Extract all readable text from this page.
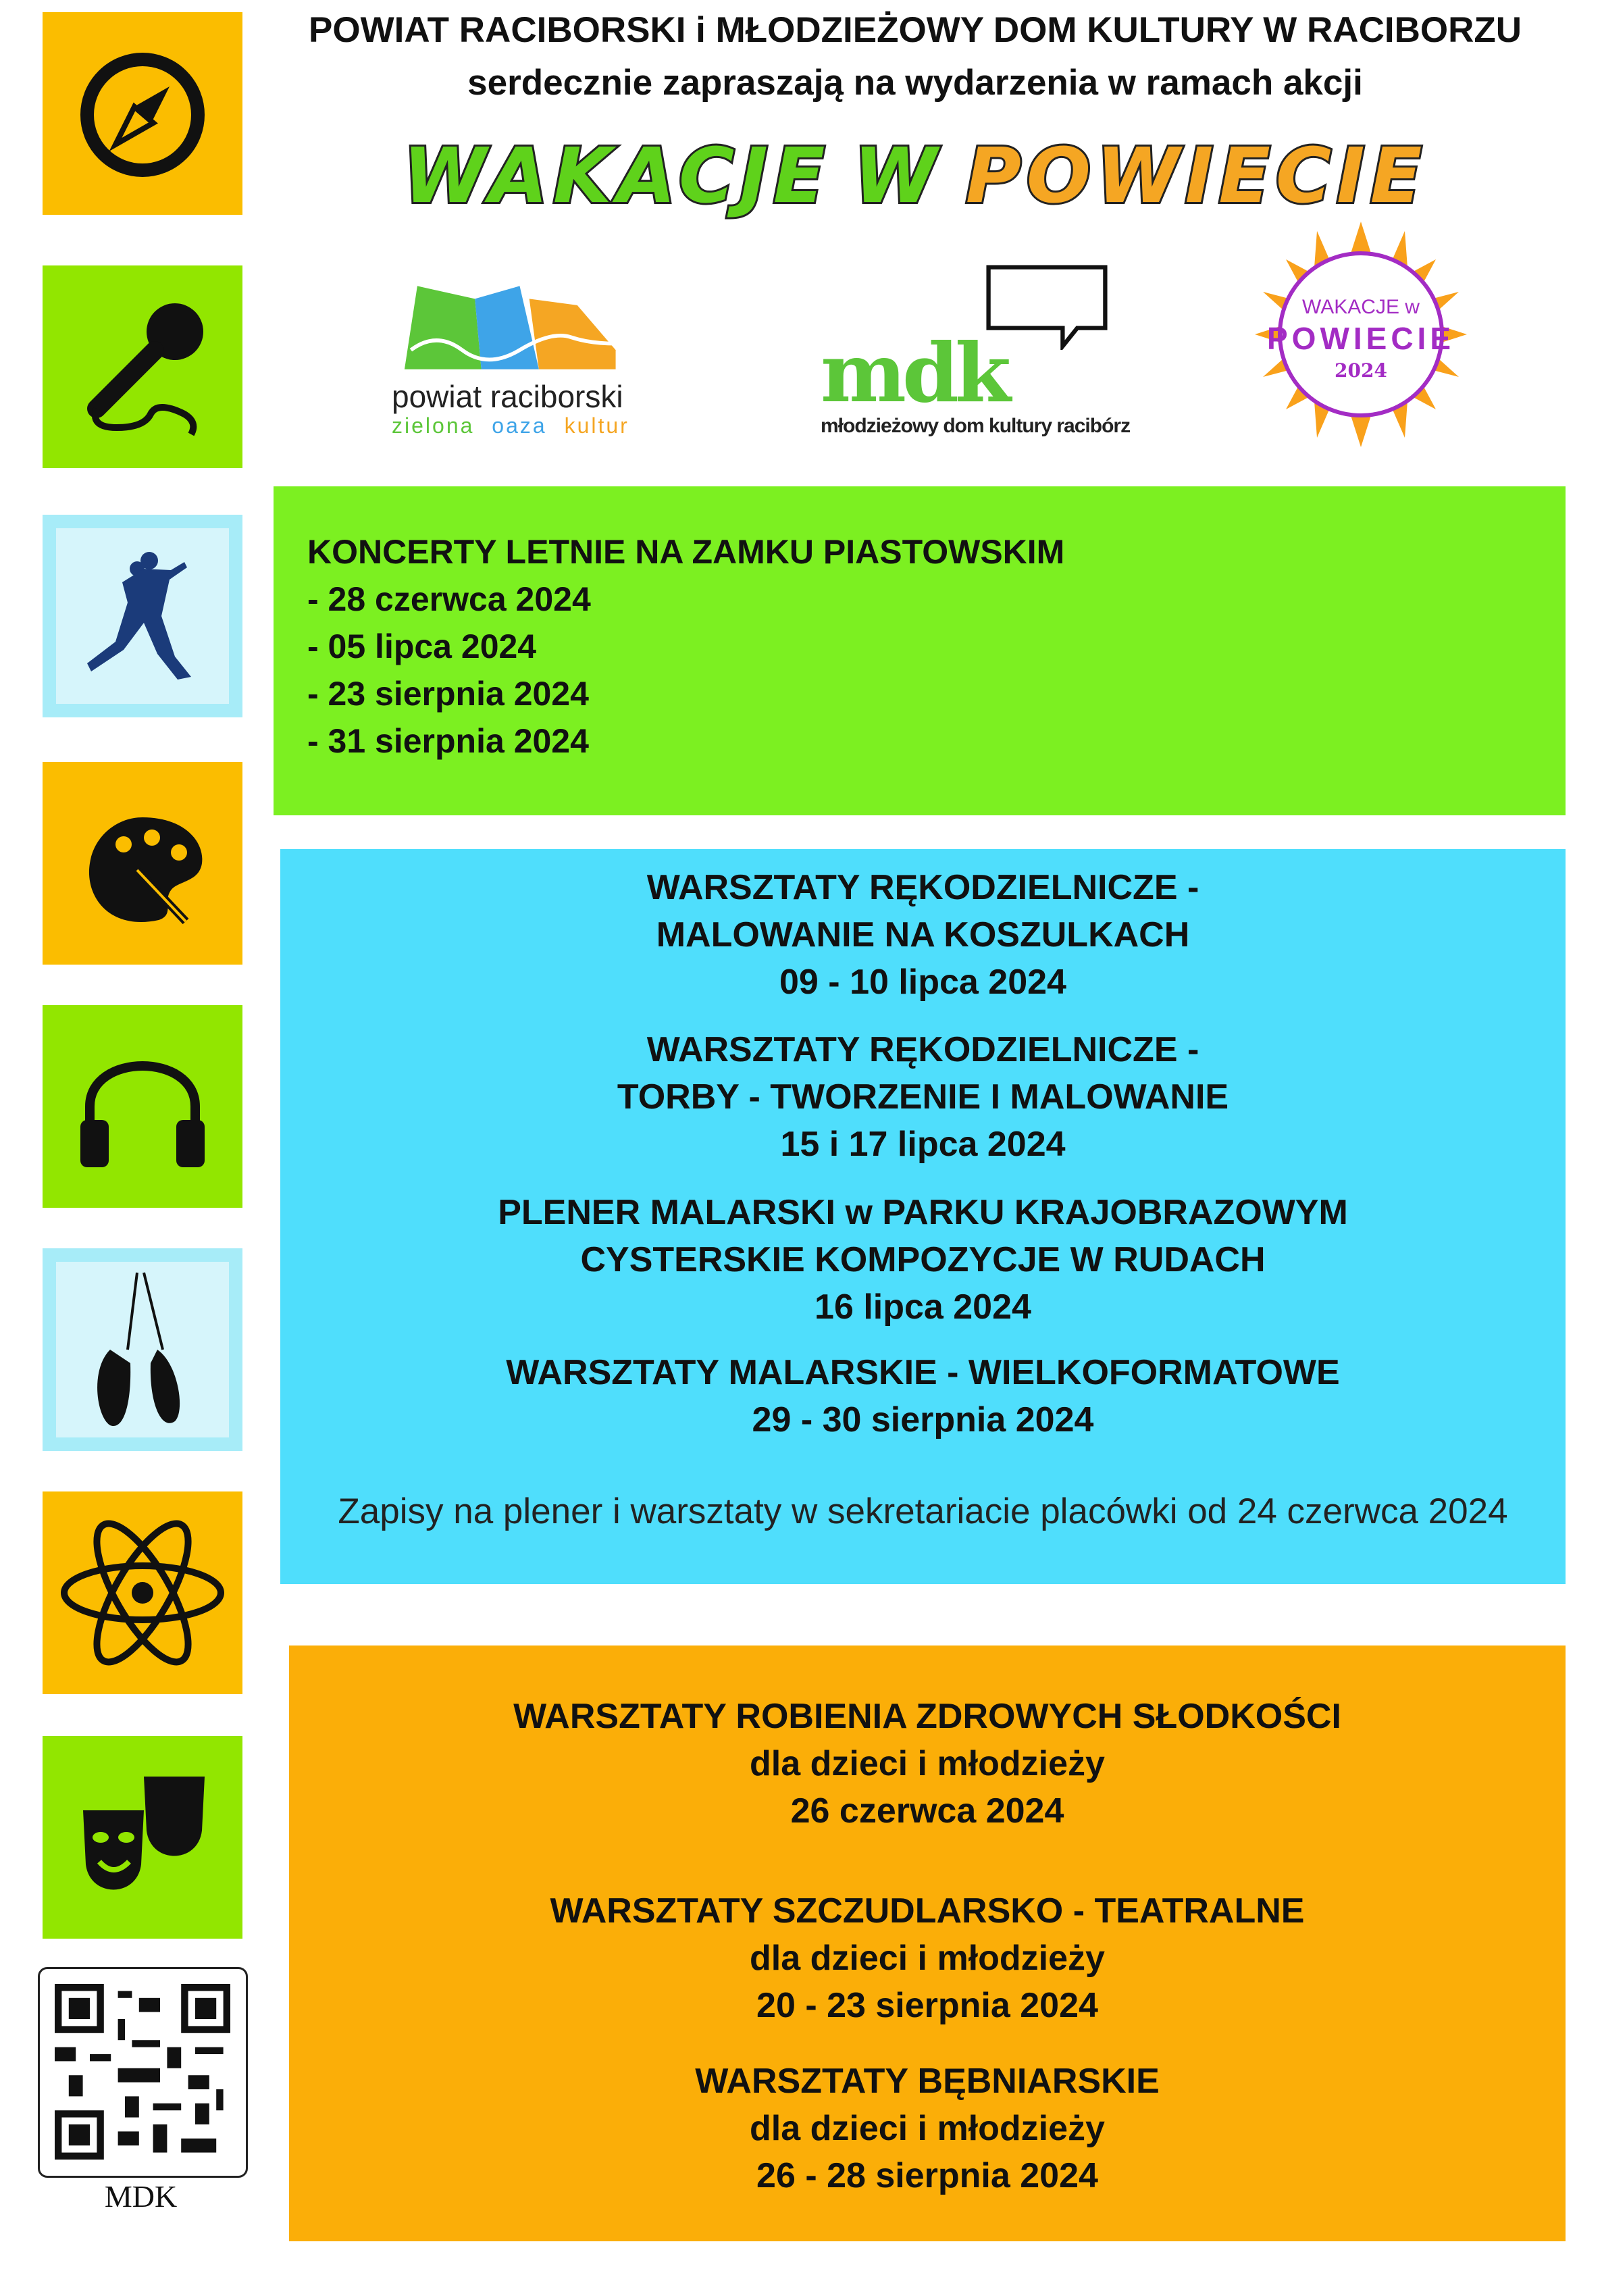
MDK
POWIAT RACIBORSKI i MŁODZIEŻOWY DOM KULTURY W RACIBORZU
serdecznie zapraszają na wydarzenia w ramach akcji
WAKACJE W POWIECIE
powiat raciborski
zielona oaza kultur
mdk
młodzieżowy dom kultury racibórz
WAKACJE w
POWIECIE
2024
KONCERTY LETNIE NA ZAMKU PIASTOWSKIM
- 28 czerwca 2024
- 05 lipca 2024
- 23 sierpnia 2024
- 31 sierpnia 2024
WARSZTATY RĘKODZIELNICZE -
MALOWANIE NA KOSZULKACH
09 - 10 lipca 2024
WARSZTATY RĘKODZIELNICZE -
TORBY - TWORZENIE I MALOWANIE
15 i 17 lipca 2024
PLENER MALARSKI w PARKU KRAJOBRAZOWYM
CYSTERSKIE KOMPOZYCJE W RUDACH
16 lipca 2024
WARSZTATY MALARSKIE - WIELKOFORMATOWE
29 - 30 sierpnia 2024
Zapisy na plener i warsztaty w sekretariacie placówki od 24 czerwca 2024
WARSZTATY ROBIENIA ZDROWYCH SŁODKOŚCI
dla dzieci i młodzieży
26 czerwca 2024
WARSZTATY SZCZUDLARSKO - TEATRALNE
dla dzieci i młodzieży
20 - 23 sierpnia 2024
WARSZTATY BĘBNIARSKIE
dla dzieci i młodzieży
26 - 28 sierpnia 2024
